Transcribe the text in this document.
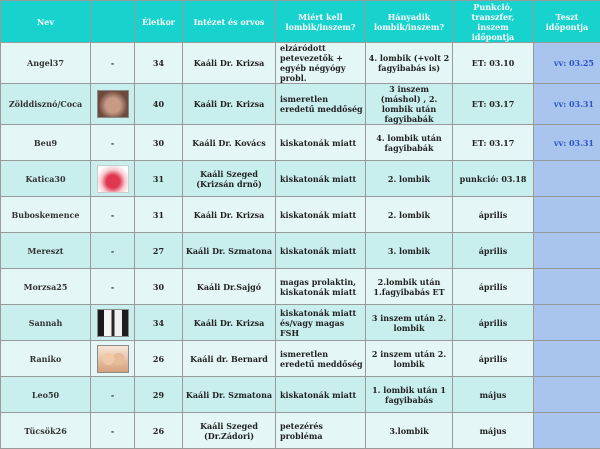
Nev		Életkor	Intézet és orvos	Miért kell lombik/inszem?	Hányadik lombik/inszem?	Punkció, transzfer, inszem időpontja	Teszt időpontja
Angel37	-	34	Kaáli Dr. Krizsa	elzáródott petevezetők + egyéb négyógy probl.	4. lombik (+volt 2 fagyibabás is)	ET: 03.10	vv: 03.25
Zölddisznó/Coca		40	Kaáli Dr. Krizsa	ismeretlen eredetű meddőség	3 inszem (máshol) , 2. lombik után fagyibabák	ET: 03.17	vv: 03.31
Beu9	-	30	Kaáli Dr. Kovács	kiskatonák miatt	4. lombik után fagyibabák	ET: 03.17	vv: 03.31
Katica30		31	Kaáli Szeged (Krizsán drnő)	kiskatonák miatt	2. lombik	punkció: 03.18	
Buboskemence	-	31	Kaáli Dr. Krizsa	kiskatonák miatt	2. lombik	április	
Mereszt	-	27	Kaáli Dr. Szmatona	kiskatonák miatt	3. lombik	április	
Morzsa25	-	30	Kaáli Dr.Sajgó	magas prolaktin, kiskatonák miatt	2.lombik után 1.fagyibabás ET	április	
Sannah		34	Kaáli Dr. Krizsa	kiskatonák miatt és/vagy magas FSH	3 inszem után 2. lombik	április	
Raniko		26	Kaáli dr. Bernard	ismeretlen eredetű meddőség	2 inszem után 2. lombik	április	
Leo50	-	29	Kaáli Dr. Szmatona	kiskatonák miatt	1. lombik után 1 fagyibabás	május	
Tücsök26	-	26	Kaáli Szeged (Dr.Zádori)	petezérés probléma	3.lombik	május	
